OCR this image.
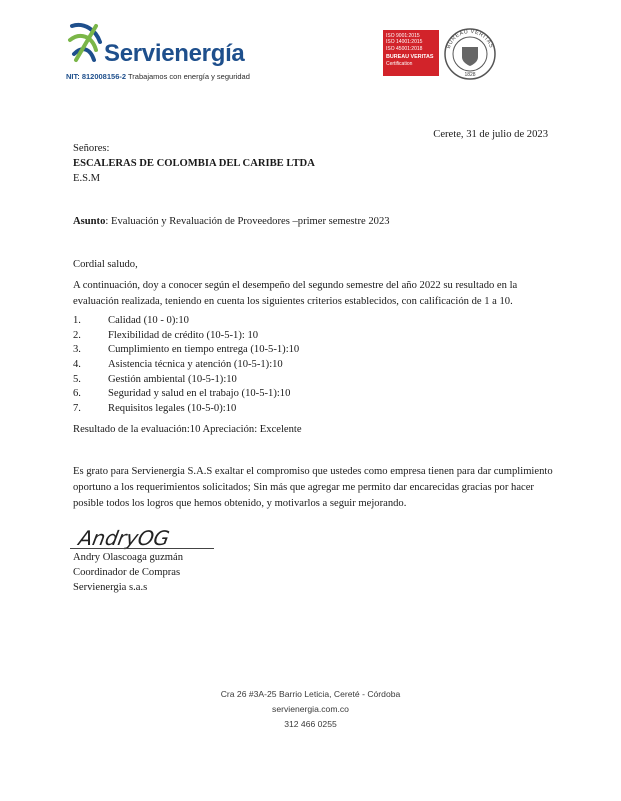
Servienergía
NIT: 812008156-2 Trabajamos con energía y seguridad
ISO 9001:2015
ISO 14001:2015
ISO 45001:2018
BUREAU VERITAS
Certification
BUREAU VERITAS
1828
Cerete, 31 de julio de 2023
Señores:
ESCALERAS DE COLOMBIA DEL CARIBE LTDA
E.S.M
Asunto: Evaluación y Revaluación de Proveedores –primer semestre 2023
Cordial saludo,
A continuación, doy a conocer según el desempeño del segundo semestre del año 2022 su resultado en la evaluación realizada, teniendo en cuenta los siguientes criterios establecidos, con calificación de 1 a 10.
1.	Calidad (10 - 0):10
2.	Flexibilidad de crédito (10-5-1): 10
3.	Cumplimiento en tiempo entrega (10-5-1):10
4.	Asistencia técnica y atención (10-5-1):10
5.	Gestión ambiental (10-5-1):10
6.	Seguridad y salud en el trabajo (10-5-1):10
7.	Requisitos legales (10-5-0):10
Resultado de la evaluación:10 Apreciación: Excelente
Es grato para Servienergia S.A.S exaltar el compromiso que ustedes como empresa tienen para dar cumplimiento oportuno a los requerimientos solicitados; Sin más que agregar me permito dar encarecidas gracias por hacer posible todos los logros que hemos obtenido, y motivarlos a seguir mejorando.
AndryOG
Andry Olascoaga guzmán
Coordinador de Compras
Servienergia s.a.s
Cra 26 #3A-25 Barrio Leticia, Cereté - Córdoba
servienergia.com.co
312 466 0255
